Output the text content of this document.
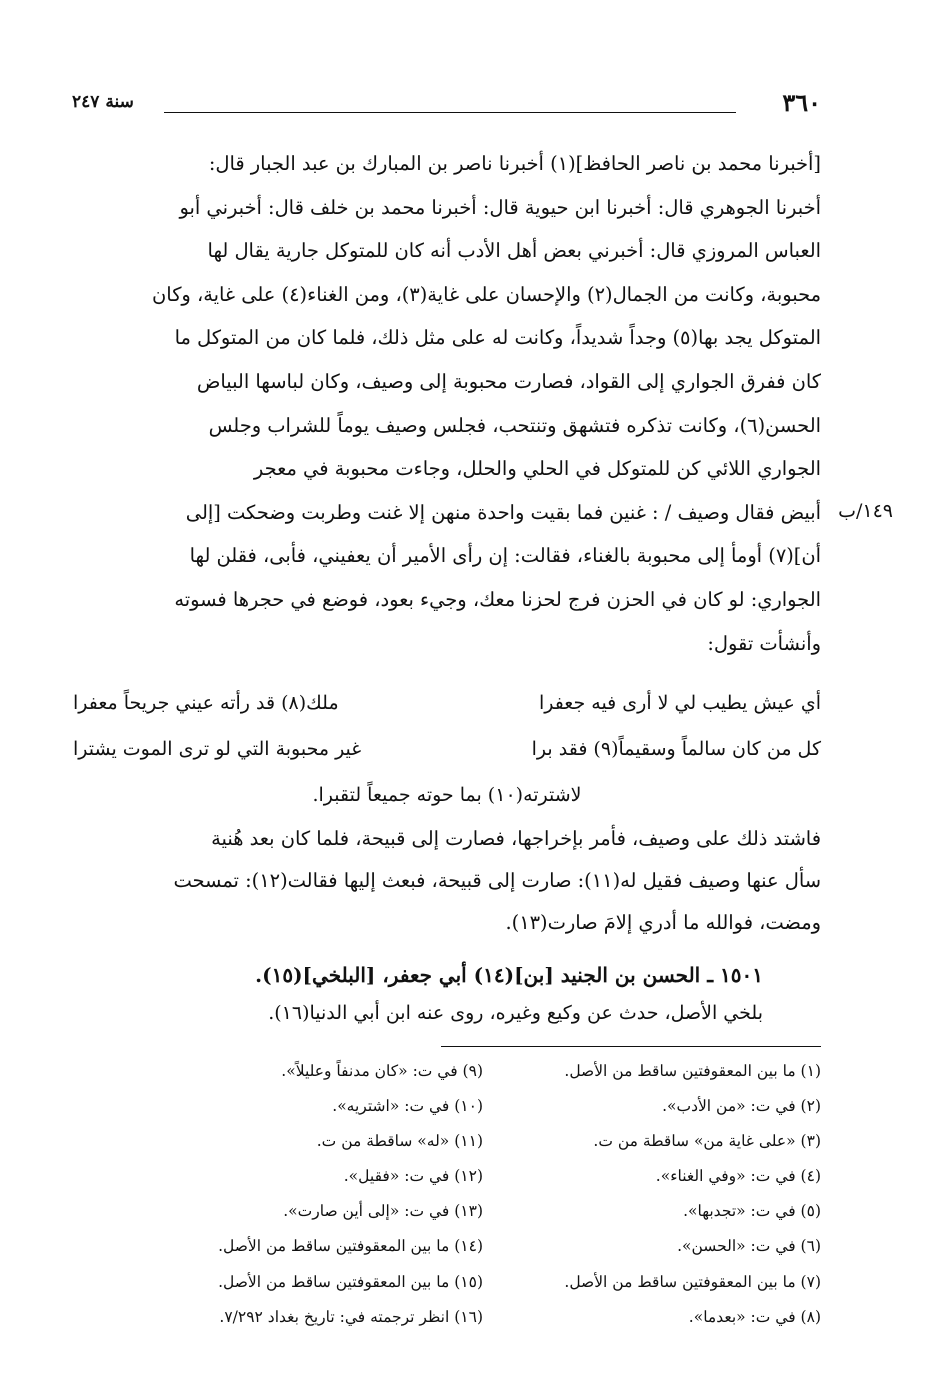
٣٦٠
سنة ٢٤٧
١٤٩/ب
[أخبرنا محمد بن ناصر الحافظ](١) أخبرنا ناصر بن المبارك بن عبد الجبار قال:
أخبرنا الجوهري قال: أخبرنا ابن حيوية قال: أخبرنا محمد بن خلف قال: أخبرني أبو
العباس المروزي قال: أخبرني بعض أهل الأدب أنه كان للمتوكل جارية يقال لها
محبوبة، وكانت من الجمال(٢) والإحسان على غاية(٣)، ومن الغناء(٤) على غاية، وكان
المتوكل يجد بها(٥) وجداً شديداً، وكانت له على مثل ذلك، فلما كان من المتوكل ما
كان ففرق الجواري إلى القواد، فصارت محبوبة إلى وصيف، وكان لباسها البياض
الحسن(٦)، وكانت تذكره فتشهق وتنتحب، فجلس وصيف يوماً للشراب وجلس
الجواري اللائي كن للمتوكل في الحلي والحلل، وجاءت محبوبة في معجر
أبيض فقال وصيف / : غنين فما بقيت واحدة منهن إلا غنت وطربت وضحكت [إلى
أن](٧) أومأ إلى محبوبة بالغناء، فقالت: إن رأى الأمير أن يعفيني، فأبى، فقلن لها
الجواري: لو كان في الحزن فرج لحزنا معك، وجيء بعود، فوضع في حجرها فسوته
وأنشأت تقول:
أي عيش يطيب لي لا أرى فيه جعفرا
ملك(٨) قد رأته عيني جريحاً معفرا
كل من كان سالماً وسقيماً(٩) فقد برا
غير محبوبة التي لو ترى الموت يشترا
لاشترته(١٠) بما حوته جميعاً لتقبرا.
فاشتد ذلك على وصيف، فأمر بإخراجها، فصارت إلى قبيحة، فلما كان بعد هُنية
سأل عنها وصيف فقيل له(١١): صارت إلى قبيحة، فبعث إليها فقالت(١٢): تمسحت
ومضت، فوالله ما أدري إلامَ صارت(١٣).
١٥٠١ ـ الحسن بن الجنيد [بن](١٤) أبي جعفر، [البلخي](١٥).
بلخي الأصل، حدث عن وكيع وغيره، روى عنه ابن أبي الدنيا(١٦).
(١) ما بين المعقوفتين ساقط من الأصل.
(٢) في ت: «من الأدب».
(٣) «على غاية من» ساقطة من ت.
(٤) في ت: «وفي الغناء».
(٥) في ت: «تجدبها».
(٦) في ت: «الحسن».
(٧) ما بين المعقوفتين ساقط من الأصل.
(٨) في ت: «بعدما».
(٩) في ت: «كان مدنفاً وعليلاً».
(١٠) في ت: «اشتريه».
(١١) «له» ساقطة من ت.
(١٢) في ت: «فقيل».
(١٣) في ت: «إلى أين صارت».
(١٤) ما بين المعقوفتين ساقط من الأصل.
(١٥) ما بين المعقوفتين ساقط من الأصل.
(١٦) انظر ترجمته في: تاريخ بغداد ٧/٢٩٢.
